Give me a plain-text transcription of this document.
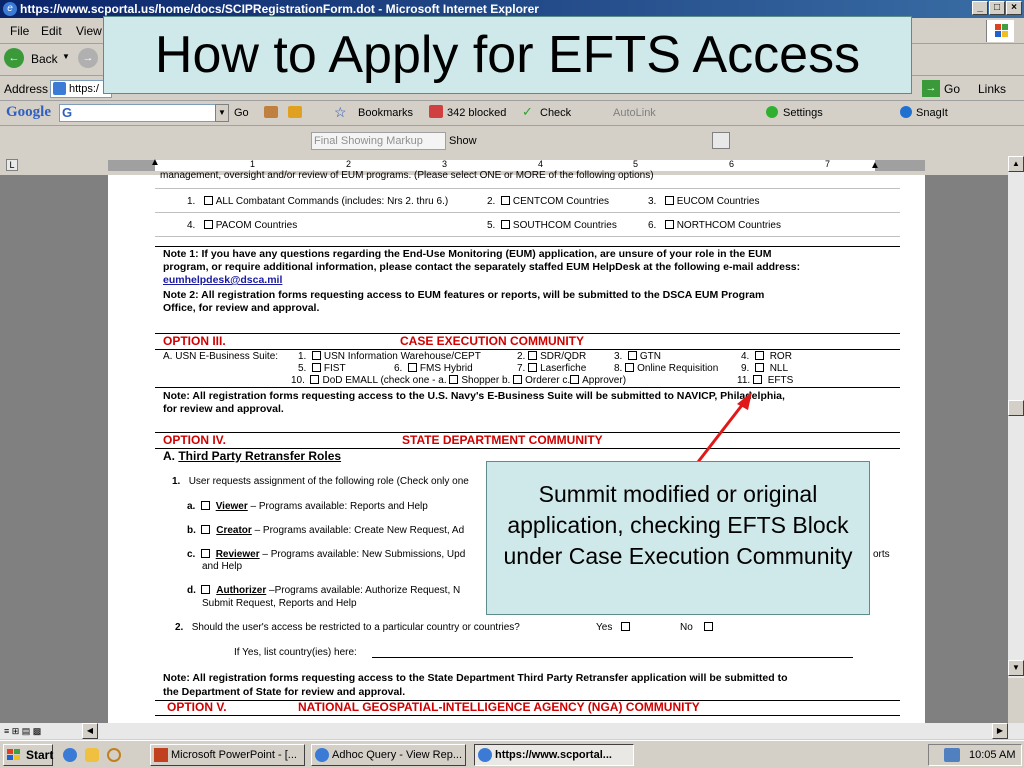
https://www.scportal.us/home/docs/SCIPRegistrationForm.dot - Microsoft Internet Explorer
e	_	□	×
File Edit View
← Back ▼	→
Address	https:/	→ Go Links
Google G	▼ Go	☆ Bookmarks	342 blocked ✓ Check	AutoLink	Settings	SnagIt
Final Showing Markup	Show
L	1	2	3	4	5	6	7
▲	▲
management, oversight and/or review of EUM programs. (Please select ONE or MORE of the following options)
1. ALL Combatant Commands (includes: Nrs 2. thru 6.)	2. CENTCOM Countries	3. EUCOM Countries
4. PACOM Countries	5. SOUTHCOM Countries	6. NORTHCOM Countries
Note 1: If you have any questions regarding the End-Use Monitoring (EUM) application, are unsure of your role in the EUM
program, or require additional information, please contact the separately staffed EUM HelpDesk at the following e-mail address:
eumhelpdesk@dsca.mil
Note 2: All registration forms requesting access to EUM features or reports, will be submitted to the DSCA EUM Program
Office, for review and approval.
OPTION III.	CASE EXECUTION COMMUNITY
A. USN E-Business Suite: 1. USN Information Warehouse/CEPT	2. SDR/QDR	3. GTN	4. ROR
5. FIST	6. FMS Hybrid	7. Laserfiche	8. Online Requisition 9. NLL
10. DoD EMALL (check one - a. Shopper b. Orderer c. Approver)	11. EFTS
Note: All registration forms requesting access to the U.S. Navy's E-Business Suite will be submitted to NAVICP, Philadelphia,
for review and approval.
OPTION IV.	STATE DEPARTMENT COMMUNITY
A. Third Party Retransfer Roles
1. User requests assignment of the following role (Check only one
a. Viewer – Programs available: Reports and Help
b. Creator – Programs available: Create New Request, Ad
c. Reviewer – Programs available: New Submissions, Upd	orts
and Help
d. Authorizer –Programs available: Authorize Request, N
Submit Request, Reports and Help
2. Should the user's access be restricted to a particular country or countries?	Yes	No
If Yes, list country(ies) here:
Note: All registration forms requesting access to the State Department Third Party Retransfer application will be submitted to
the Department of State for review and approval.
OPTION V.	NATIONAL GEOSPATIAL-INTELLIGENCE AGENCY (NGA) COMMUNITY
How to Apply for EFTS Access
Summit modified or original application, checking EFTS Block under Case Execution Community
▲
▼
≡ ⊞ ▤ ▩	◀	▶
Start	Microsoft PowerPoint - [...	Adhoc Query - View Rep...	https://www.scportal...	10:05 AM
